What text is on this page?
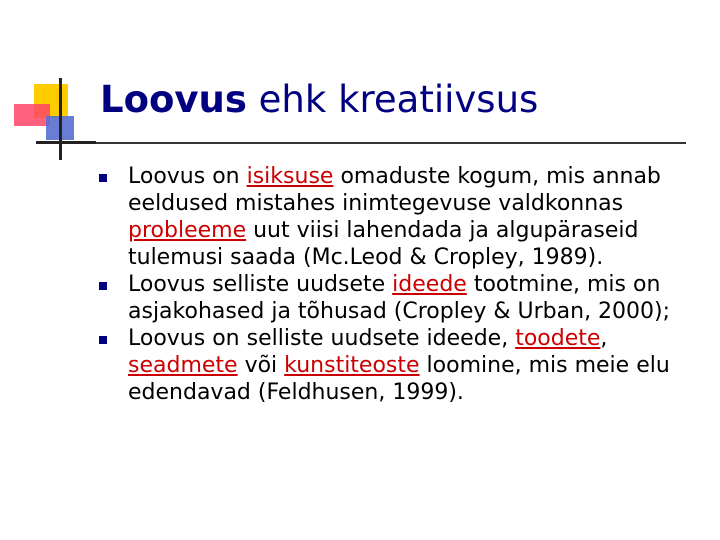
Loovus ehk kreatiivsus
Loovus on isiksuse omaduste kogum, mis annab eeldused mistahes inimtegevuse valdkonnas probleeme uut viisi lahendada ja algupäraseid tulemusi saada (Mc.Leod & Cropley, 1989).
Loovus selliste uudsete ideede tootmine, mis on asjakohased ja tõhusad (Cropley & Urban, 2000);
Loovus on selliste uudsete ideede, toodete, seadmete või kunstiteoste loomine, mis meie elu edendavad (Feldhusen, 1999).
